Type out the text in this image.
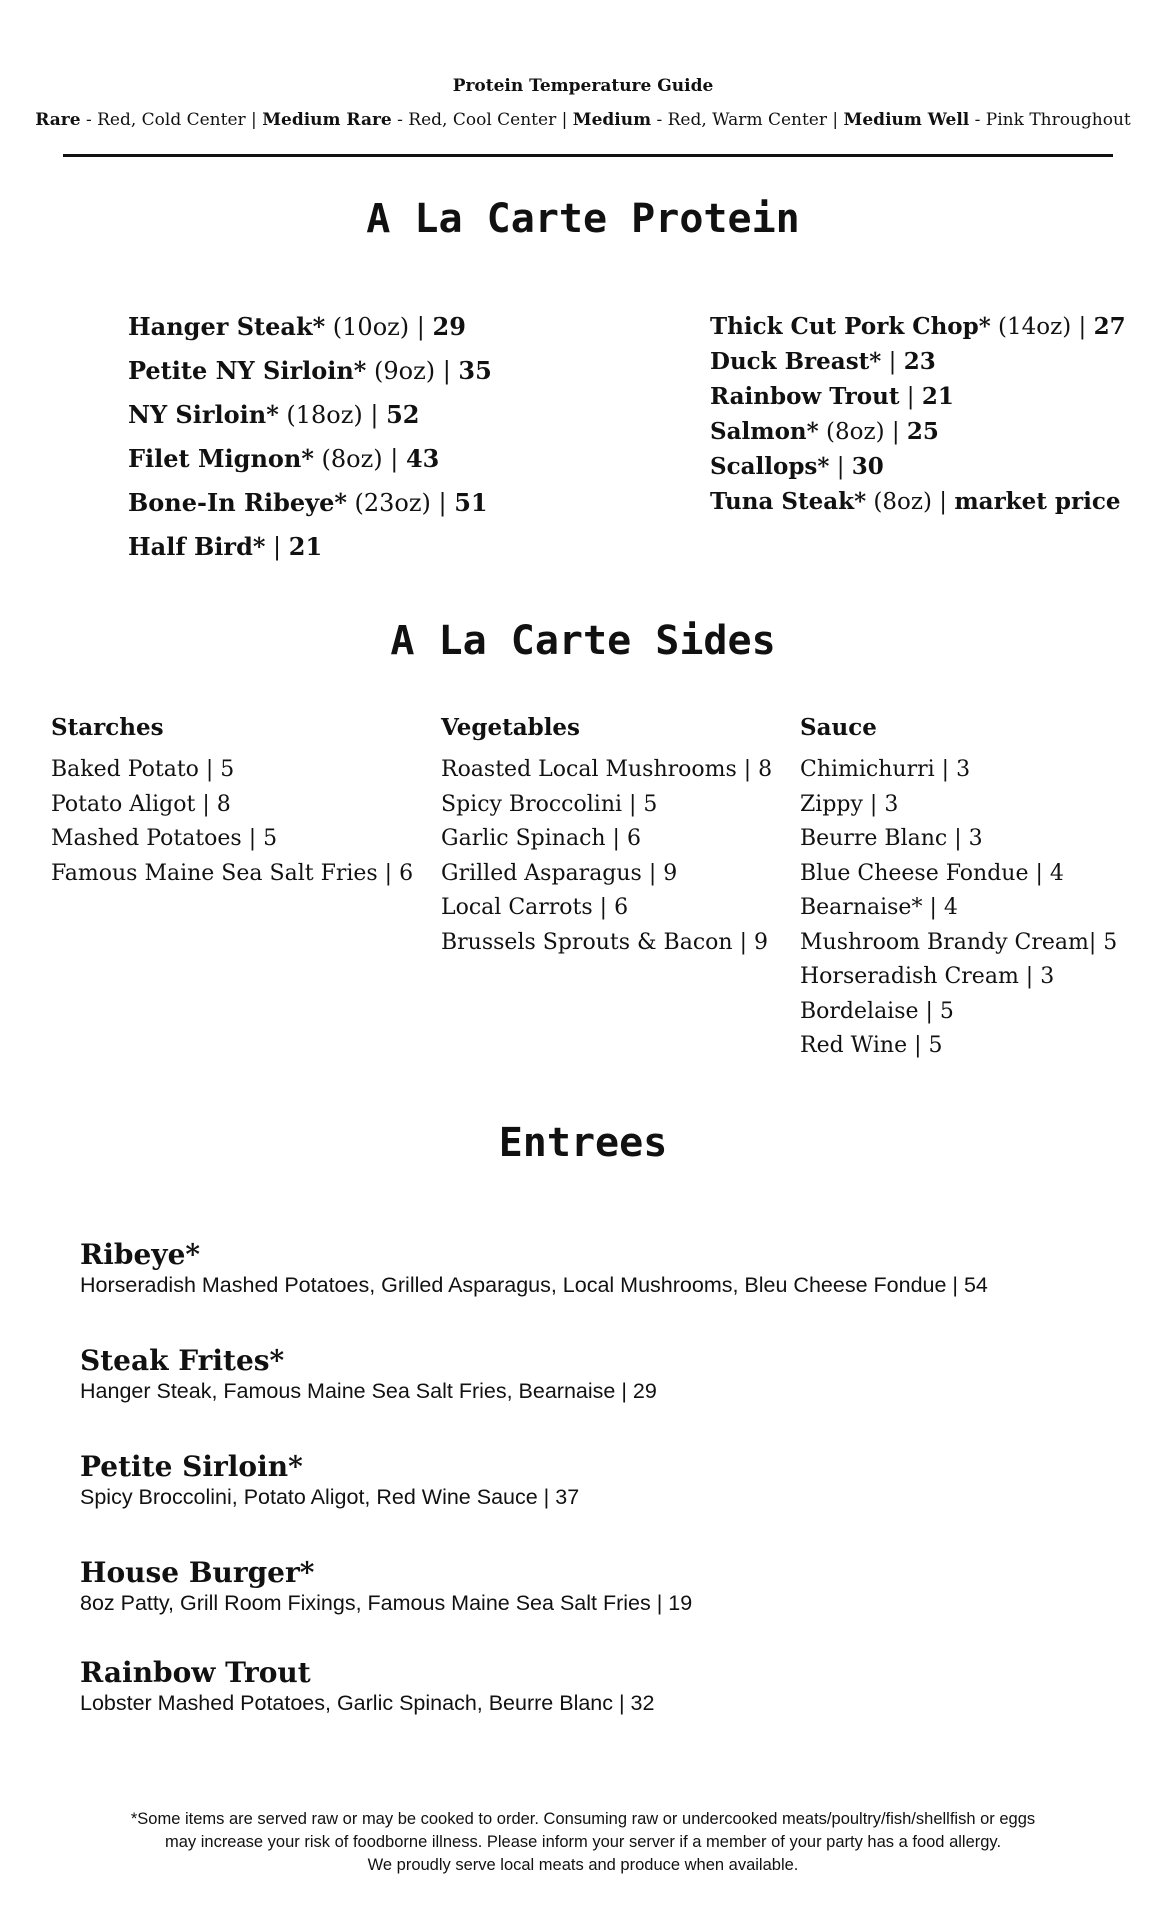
Protein Temperature Guide
Rare - Red, Cold Center | Medium Rare - Red, Cool Center | Medium - Red, Warm Center | Medium Well - Pink Throughout
A La Carte Protein
Hanger Steak* (10oz) | 29
Petite NY Sirloin* (9oz) | 35
NY Sirloin* (18oz) | 52
Filet Mignon* (8oz) | 43
Bone-In Ribeye* (23oz) | 51
Half Bird* | 21
Thick Cut Pork Chop* (14oz) | 27
Duck Breast* | 23
Rainbow Trout | 21
Salmon* (8oz) | 25
Scallops* | 30
Tuna Steak* (8oz) | market price
A La Carte Sides
Starches
Baked Potato | 5
Potato Aligot | 8
Mashed Potatoes | 5
Famous Maine Sea Salt Fries | 6
Vegetables
Roasted Local Mushrooms | 8
Spicy Broccolini | 5
Garlic Spinach | 6
Grilled Asparagus | 9
Local Carrots | 6
Brussels Sprouts & Bacon | 9
Sauce
Chimichurri | 3
Zippy | 3
Beurre Blanc | 3
Blue Cheese Fondue | 4
Bearnaise* | 4
Mushroom Brandy Cream| 5
Horseradish Cream | 3
Bordelaise | 5
Red Wine | 5
Entrees
Ribeye*
Horseradish Mashed Potatoes, Grilled Asparagus, Local Mushrooms, Bleu Cheese Fondue | 54
Steak Frites*
Hanger Steak, Famous Maine Sea Salt Fries, Bearnaise | 29
Petite Sirloin*
Spicy Broccolini, Potato Aligot, Red Wine Sauce | 37
House Burger*
8oz Patty, Grill Room Fixings, Famous Maine Sea Salt Fries | 19
Rainbow Trout
Lobster Mashed Potatoes, Garlic Spinach, Beurre Blanc | 32
*Some items are served raw or may be cooked to order. Consuming raw or undercooked meats/poultry/fish/shellfish or eggs
may increase your risk of foodborne illness. Please inform your server if a member of your party has a food allergy.
We proudly serve local meats and produce when available.
